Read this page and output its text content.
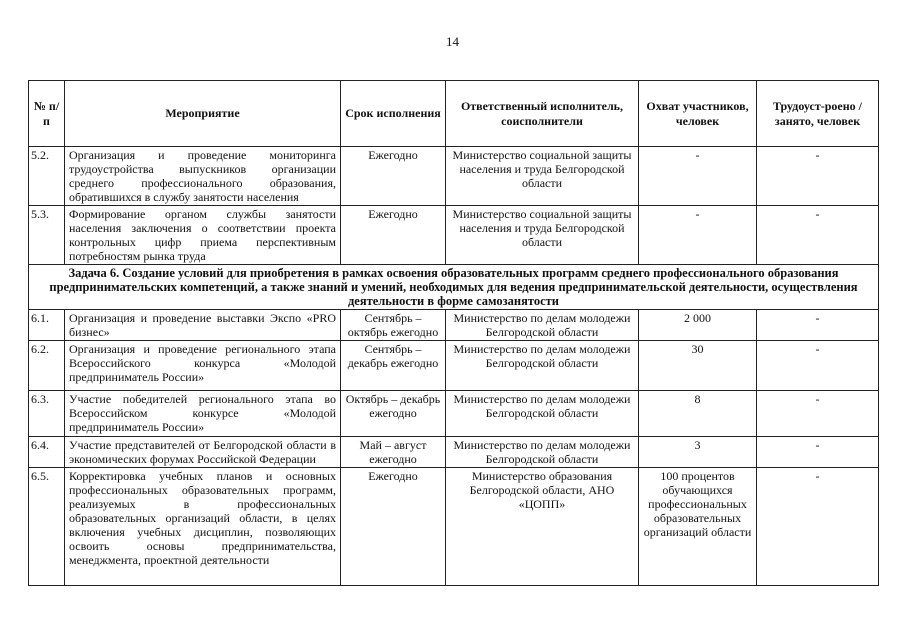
14
№ п/п	Мероприятие	Срок исполнения	Ответственный исполнитель, соисполнители	Охват участников, человек	Трудоуст-роено / занято, человек
5.2.	Организация и проведение мониторинга трудоустройства выпускников организации среднего профессионального образования, обратившихся в службу занятости населения	Ежегодно	Министерство социальной защиты населения и труда Белгородской области	-	-
5.3.	Формирование органом службы занятости населения заключения о соответствии проекта контрольных цифр приема перспективным потребностям рынка труда	Ежегодно	Министерство социальной защиты населения и труда Белгородской области	-	-
Задача 6. Создание условий для приобретения в рамках освоения образовательных программ среднего профессионального образования предпринимательских компетенций, а также знаний и умений, необходимых для ведения предпринимательской деятельности, осуществления деятельности в форме самозанятости					
6.1.	Организация и проведение выставки Экспо «PRO бизнес»	Сентябрь – октябрь ежегодно	Министерство по делам молодежи Белгородской области	2 000	-
6.2.	Организация и проведение регионального этапа Всероссийского конкурса «Молодой предприниматель России»	Сентябрь – декабрь ежегодно	Министерство по делам молодежи Белгородской области	30	-
6.3.	Участие победителей регионального этапа во Всероссийском конкурсе «Молодой предприниматель России»	Октябрь – декабрь ежегодно	Министерство по делам молодежи Белгородской области	8	-
6.4.	Участие представителей от Белгородской области в экономических форумах Российской Федерации	Май – август ежегодно	Министерство по делам молодежи Белгородской области	3	-
6.5.	Корректировка учебных планов и основных профессиональных образовательных программ, реализуемых в профессиональных образовательных организаций области, в целях включения учебных дисциплин, позволяющих освоить основы предпринимательства, менеджмента, проектной деятельности	Ежегодно	Министерство образования Белгородской области, АНО «ЦОПП»	100 процентов обучающихся профессиональных образовательных организаций области	-
